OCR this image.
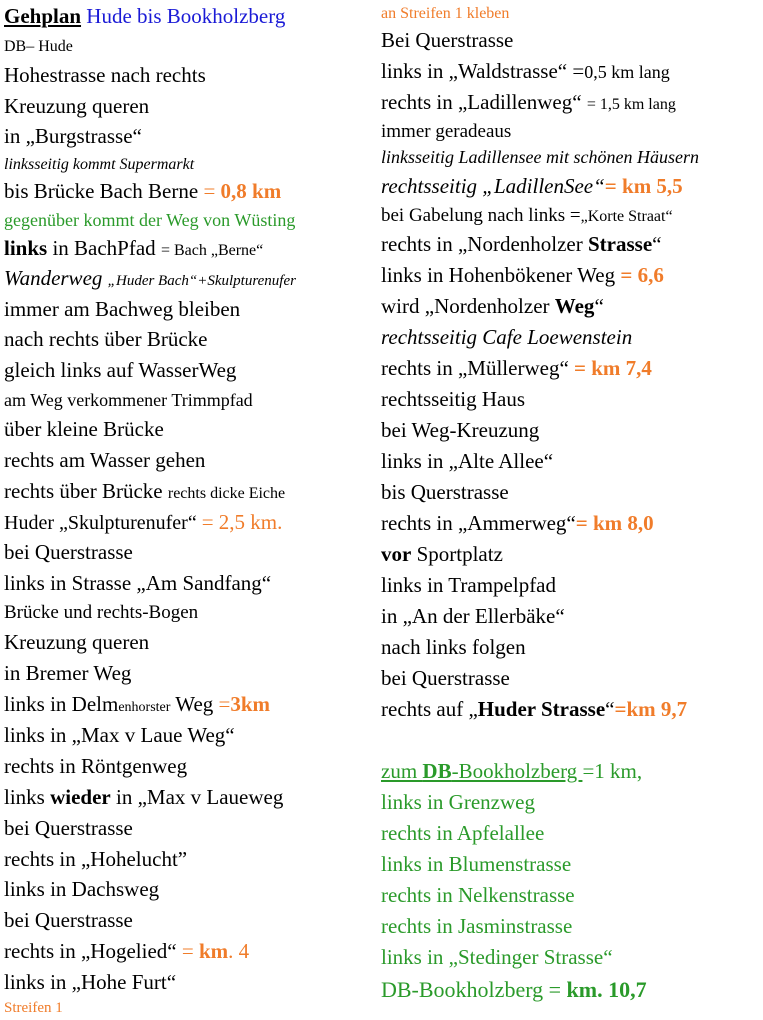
Gehplan Hude bis Bookholzberg
DB– Hude
Hohestrasse nach rechts
Kreuzung queren
in „Burgstrasse“
linksseitig kommt Supermarkt
bis Brücke Bach Berne = 0,8 km
gegenüber kommt der Weg von Wüsting
links in BachPfad = Bach „Berne“
Wanderweg „Huder Bach“+Skulpturenufer
immer am Bachweg bleiben
nach rechts über Brücke
gleich links auf WasserWeg
am Weg verkommener Trimmpfad
über kleine Brücke
rechts am Wasser gehen
rechts über Brücke rechts dicke Eiche
Huder „Skulpturenufer“ = 2,5 km.
bei Querstrasse
links in Strasse „Am Sandfang“
Brücke und rechts-Bogen
Kreuzung queren
in Bremer Weg
links in Delmenhorster Weg =3km
links in „Max v Laue Weg“
rechts in Röntgenweg
links wieder in „Max v Laueweg
bei Querstrasse
rechts in „Hoheluchtˮ
links in Dachsweg
bei Querstrasse
rechts in „Hogelied“ = km. 4
links in „Hohe Furt“
Streifen 1
an Streifen 1 kleben
Bei Querstrasse
links in „Waldstrasse“ =0,5 km lang
rechts in „Ladillenweg“ = 1,5 km lang
immer geradeaus
linksseitig Ladillensee mit schönen Häusern
rechtsseitig „LadillenSee“= km 5,5
bei Gabelung nach links =„Korte Straat“
rechts in „Nordenholzer Strasse“
links in Hohenbökener Weg = 6,6
wird „Nordenholzer Weg“
rechtsseitig Cafe Loewenstein
rechts in „Müllerweg“ = km 7,4
rechtsseitig Haus
bei Weg-Kreuzung
links in „Alte Allee“
bis Querstrasse
rechts in „Ammerweg“= km 8,0
vor Sportplatz
links in Trampelpfad
in „An der Ellerbäke“
nach links folgen
bei Querstrasse
rechts auf „Huder Strasse“=km 9,7
zum DB-Bookholzberg =1 km,
links in Grenzweg
rechts in Apfelallee
links in Blumenstrasse
rechts in Nelkenstrasse
rechts in Jasminstrasse
links in „Stedinger Strasse“
DB-Bookholzberg = km. 10,7
